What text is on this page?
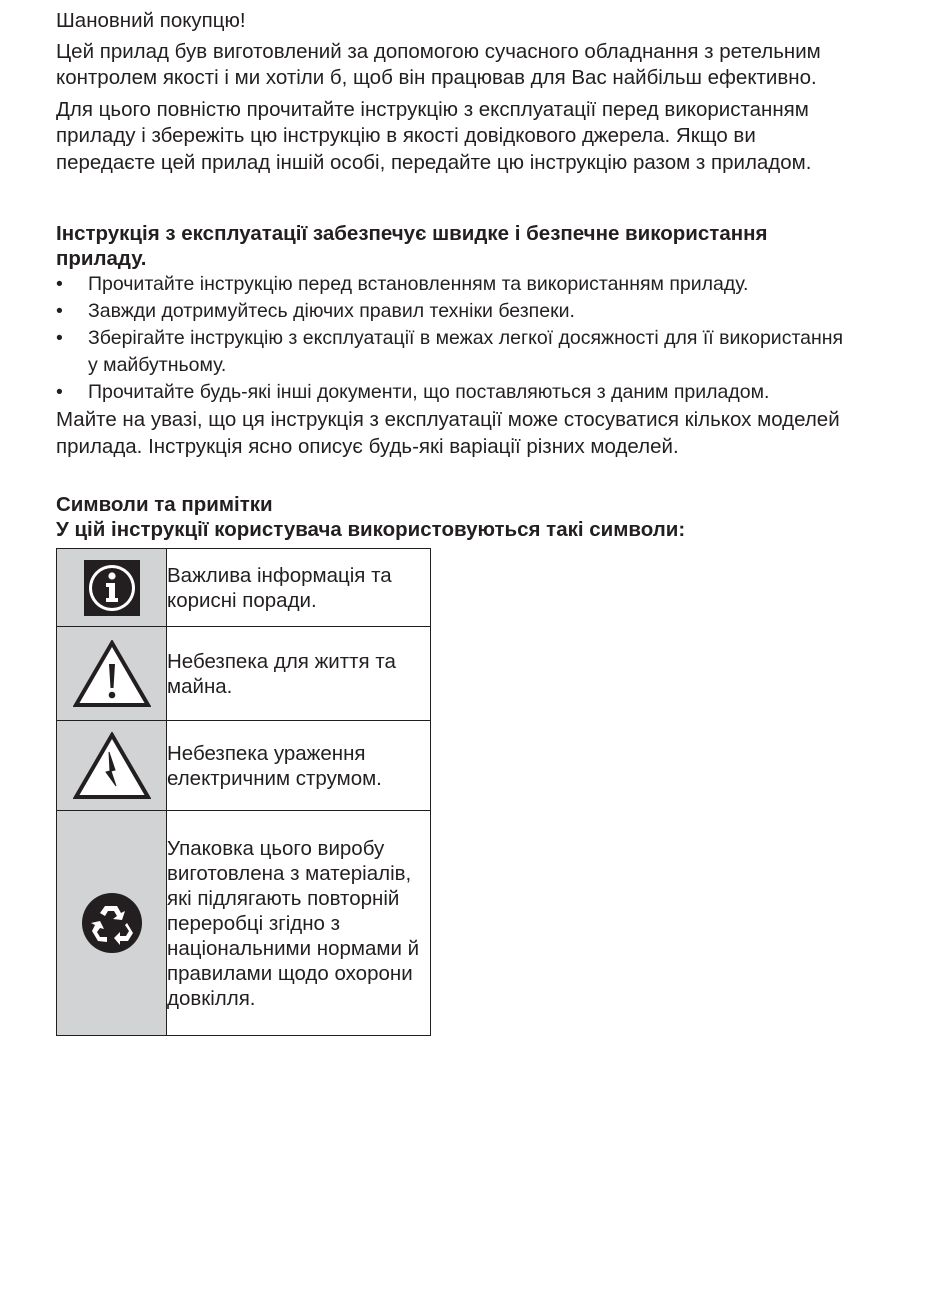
Шановний покупцю!

Цей прилад був виготовлений за допомогою сучасного обладнання з ретельним контролем якості і ми хотіли б, щоб він працював для Вас найбільш ефективно.

Для цього повністю прочитайте інструкцію з експлуатації перед використанням приладу і збережіть цю інструкцію в якості довідкового джерела. Якщо ви передаєте цей прилад іншій особі, передайте цю інструкцію разом з приладом.

Інструкція з експлуатації забезпечує швидке і безпечне використання приладу.

• Прочитайте інструкцію перед встановленням та використанням приладу.

• Завжди дотримуйтесь діючих правил техніки безпеки.

• Зберігайте інструкцію з експлуатації в межах легкої досяжності для її використання у майбутньому.

• Прочитайте будь-які інші документи, що поставляються з даним приладом.

Майте на увазі, що ця інструкція з експлуатації може стосуватися кількох моделей прилада. Інструкція ясно описує будь-які варіації різних моделей.

Символи та примітки

У цій інструкції користувача використовуються такі символи:

	Важлива інформація та корисні поради.

	Небезпека для життя та майна.

	Небезпека ураження електричним струмом.

	Упаковка цього виробу виготовлена з матеріалів, які підлягають повторній переробці згідно з національними нормами й правилами щодо охорони довкілля.
